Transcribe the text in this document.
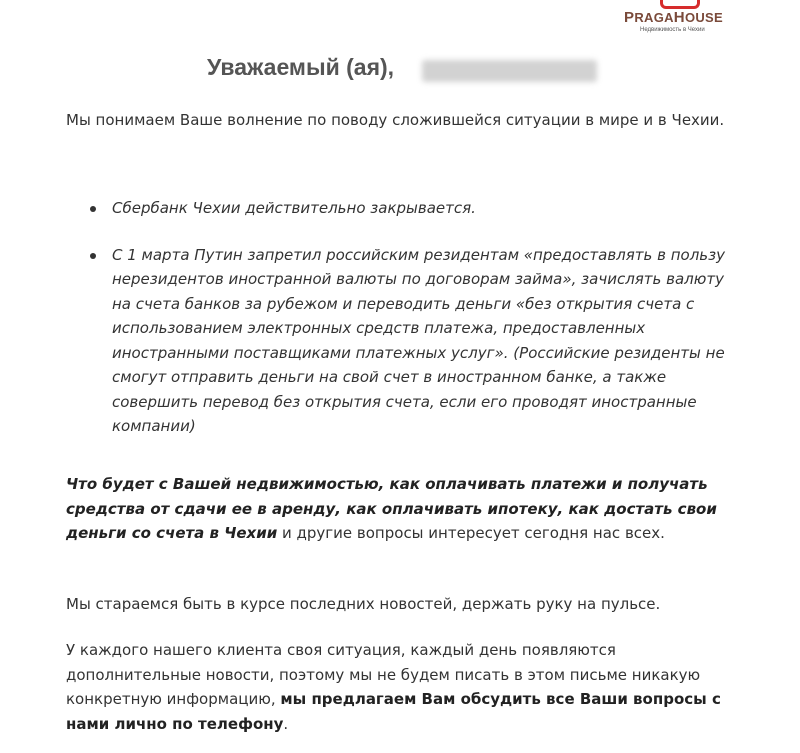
PRAGAHOUSE
Недвижимость в Чехии
Уважаемый (ая),
Мы понимаем Ваше волнение по поводу сложившейся ситуации в мире и в Чехии.
Сбербанк Чехии действительно закрывается.
С 1 марта Путин запретил российским резидентам «предоставлять в пользу нерезидентов иностранной валюты по договорам займа», зачислять валюту на счета банков за рубежом и переводить деньги «без открытия счета с использованием электронных средств платежа, предоставленных иностранными поставщиками платежных услуг». (Российские резиденты не смогут отправить деньги на свой счет в иностранном банке, а также совершить перевод без открытия счета, если его проводят иностранные компании)
Что будет с Вашей недвижимостью, как оплачивать платежи и получать средства от сдачи ее в аренду, как оплачивать ипотеку, как достать свои деньги со счета в Чехии и другие вопросы интересует сегодня нас всех.
Мы стараемся быть в курсе последних новостей, держать руку на пульсе.
У каждого нашего клиента своя ситуация, каждый день появляются дополнительные новости, поэтому мы не будем писать в этом письме никакую конкретную информацию, мы предлагаем Вам обсудить все Ваши вопросы с нами лично по телефону.
